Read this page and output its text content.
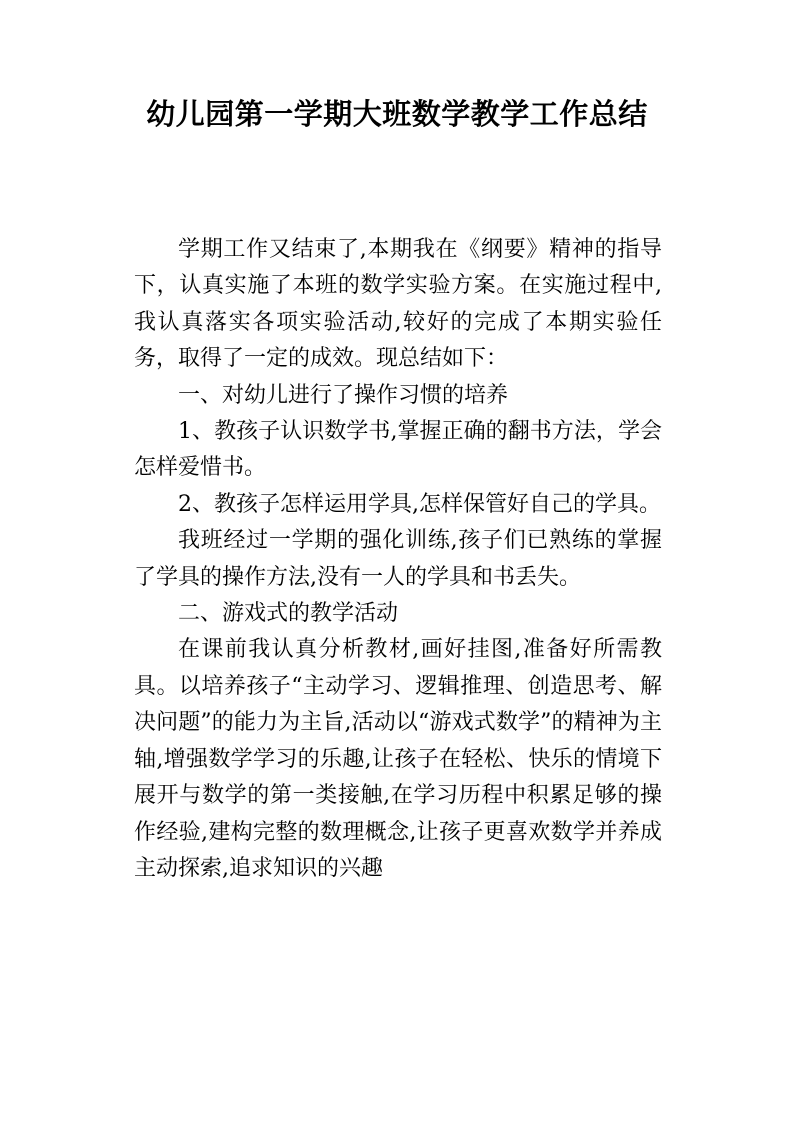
幼儿园第一学期大班数学教学工作总结

学期工作又结束了,本期我在《纲要》精神的指导下，认真实施了本班的数学实验方案。在实施过程中,我认真落实各项实验活动,较好的完成了本期实验任务，取得了一定的成效。现总结如下：

一、对幼儿进行了操作习惯的培养

1、教孩子认识数学书,掌握正确的翻书方法，学会怎样爱惜书。

2、教孩子怎样运用学具,怎样保管好自己的学具。

我班经过一学期的强化训练,孩子们已熟练的掌握了学具的操作方法,没有一人的学具和书丢失。

二、游戏式的教学活动

在课前我认真分析教材,画好挂图,准备好所需教具。以培养孩子“主动学习、逻辑推理、创造思考、解决问题”的能力为主旨,活动以“游戏式数学”的精神为主轴,增强数学学习的乐趣,让孩子在轻松、快乐的情境下展开与数学的第一类接触,在学习历程中积累足够的操作经验,建构完整的数理概念,让孩子更喜欢数学并养成主动探索,追求知识的兴趣
